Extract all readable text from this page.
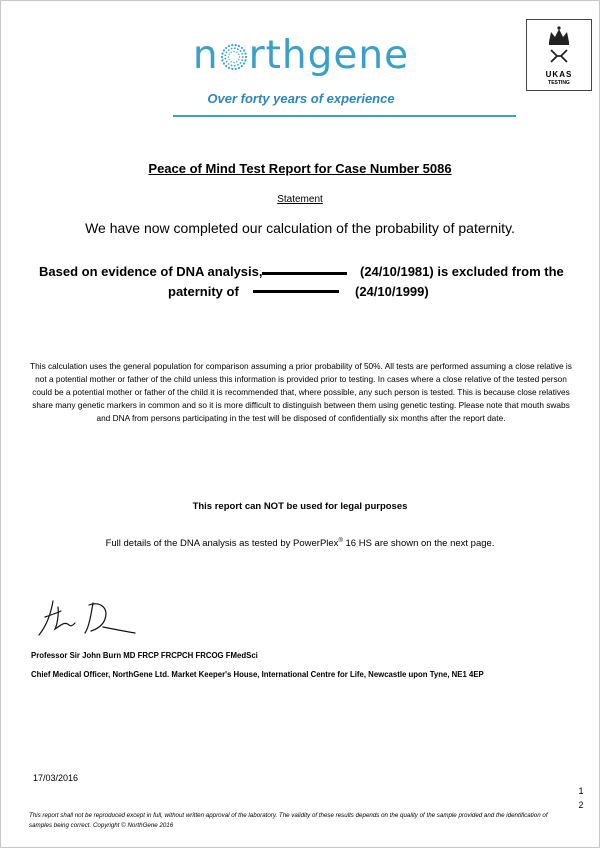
n rthgene
Over forty years of experience
UKAS
TESTING
Peace of Mind Test Report for Case Number 5086
Statement
We have now completed our calculation of the probability of paternity.
Based on evidence of DNA analysis,	(24/10/1981) is excluded from the
paternity of	(24/10/1999)
This calculation uses the general population for comparison assuming a prior probability of 50%. All tests are performed assuming a close relative is not a potential mother or father of the child unless this information is provided prior to testing. In cases where a close relative of the tested person could be a potential mother or father of the child it is recommended that, where possible, any such person is tested. This is because close relatives share many genetic markers in common and so it is more difficult to distinguish between them using genetic testing. Please note that mouth swabs and DNA from persons participating in the test will be disposed of confidentially six months after the report date.
This report can NOT be used for legal purposes
Full details of the DNA analysis as tested by PowerPlex® 16 HS are shown on the next page.
Professor Sir John Burn MD FRCP FRCPCH FRCOG FMedSci
Chief Medical Officer, NorthGene Ltd. Market Keeper's House, International Centre for Life, Newcastle upon Tyne, NE1 4EP
17/03/2016
1
2
This report shall not be reproduced except in full, without written approval of the laboratory. The validity of these results depends on the quality of the sample provided and the identification of samples being correct. Copyright © NorthGene 2016
